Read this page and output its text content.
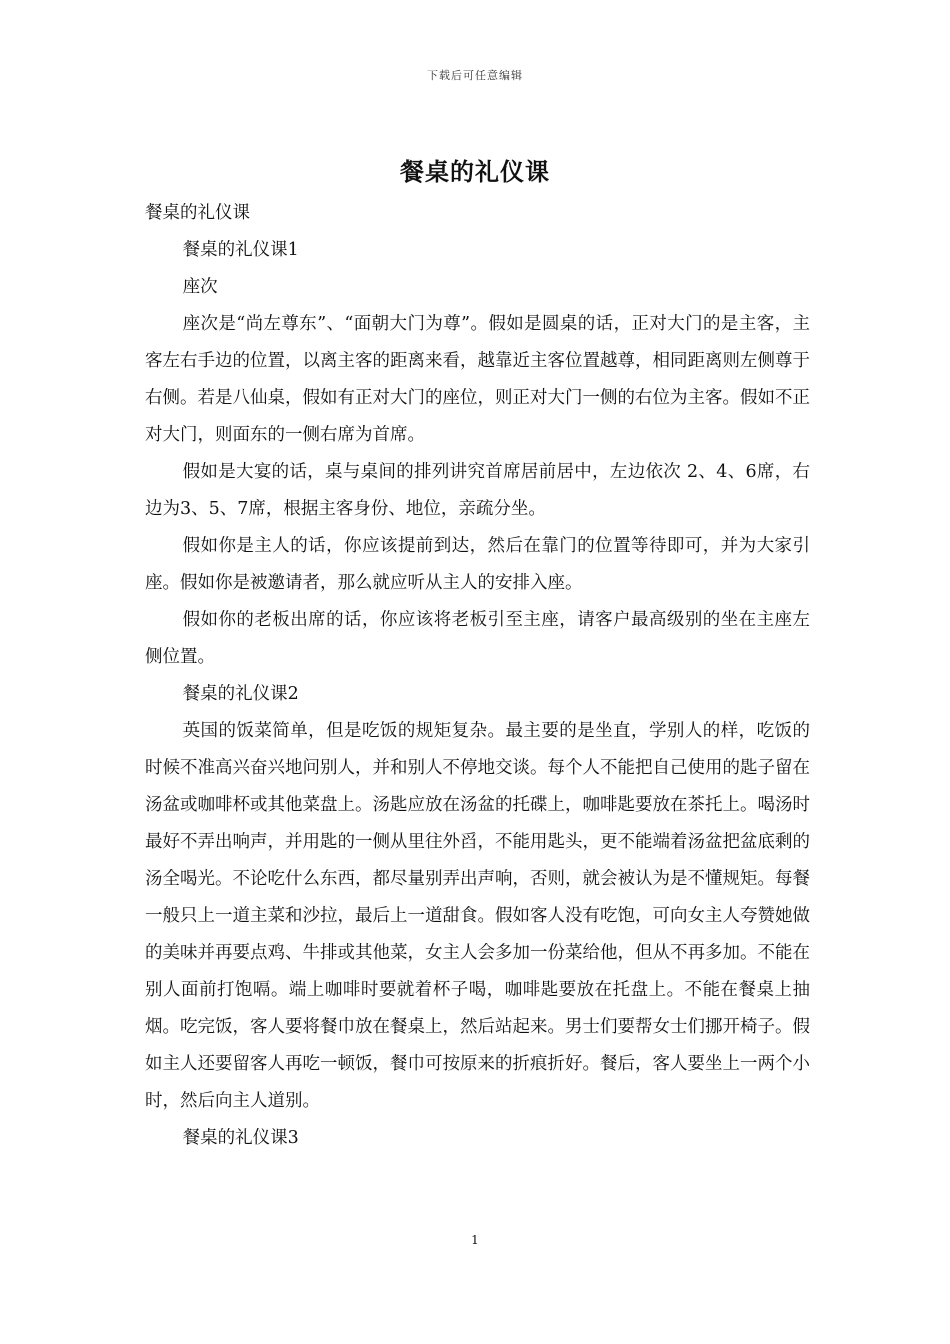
下载后可任意编辑
餐桌的礼仪课

餐桌的礼仪课

餐桌的礼仪课1

座次

座次是“尚左尊东”、“面朝大门为尊”。假如是圆桌的话，正对大门的是主客，主客左右手边的位置，以离主客的距离来看，越靠近主客位置越尊，相同距离则左侧尊于右侧。若是八仙桌，假如有正对大门的座位，则正对大门一侧的右位为主客。假如不正对大门，则面东的一侧右席为首席。

假如是大宴的话，桌与桌间的排列讲究首席居前居中，左边依次 2、4、6席，右边为3、5、7席，根据主客身份、地位，亲疏分坐。

假如你是主人的话，你应该提前到达，然后在靠门的位置等待即可，并为大家引座。假如你是被邀请者，那么就应听从主人的安排入座。

假如你的老板出席的话，你应该将老板引至主座，请客户最高级别的坐在主座左侧位置。

餐桌的礼仪课2

英国的饭菜简单，但是吃饭的规矩复杂。最主要的是坐直，学别人的样，吃饭的时候不准高兴奋兴地问别人，并和别人不停地交谈。每个人不能把自己使用的匙子留在汤盆或咖啡杯或其他菜盘上。汤匙应放在汤盆的托碟上，咖啡匙要放在茶托上。喝汤时最好不弄出响声，并用匙的一侧从里往外舀，不能用匙头，更不能端着汤盆把盆底剩的汤全喝光。不论吃什么东西，都尽量别弄出声响，否则，就会被认为是不懂规矩。每餐一般只上一道主菜和沙拉，最后上一道甜食。假如客人没有吃饱，可向女主人夸赞她做的美味并再要点鸡、牛排或其他菜，女主人会多加一份菜给他，但从不再多加。不能在别人面前打饱嗝。端上咖啡时要就着杯子喝，咖啡匙要放在托盘上。不能在餐桌上抽烟。吃完饭，客人要将餐巾放在餐桌上，然后站起来。男士们要帮女士们挪开椅子。假如主人还要留客人再吃一顿饭，餐巾可按原来的折痕折好。餐后，客人要坐上一两个小时，然后向主人道别。

餐桌的礼仪课3

1
